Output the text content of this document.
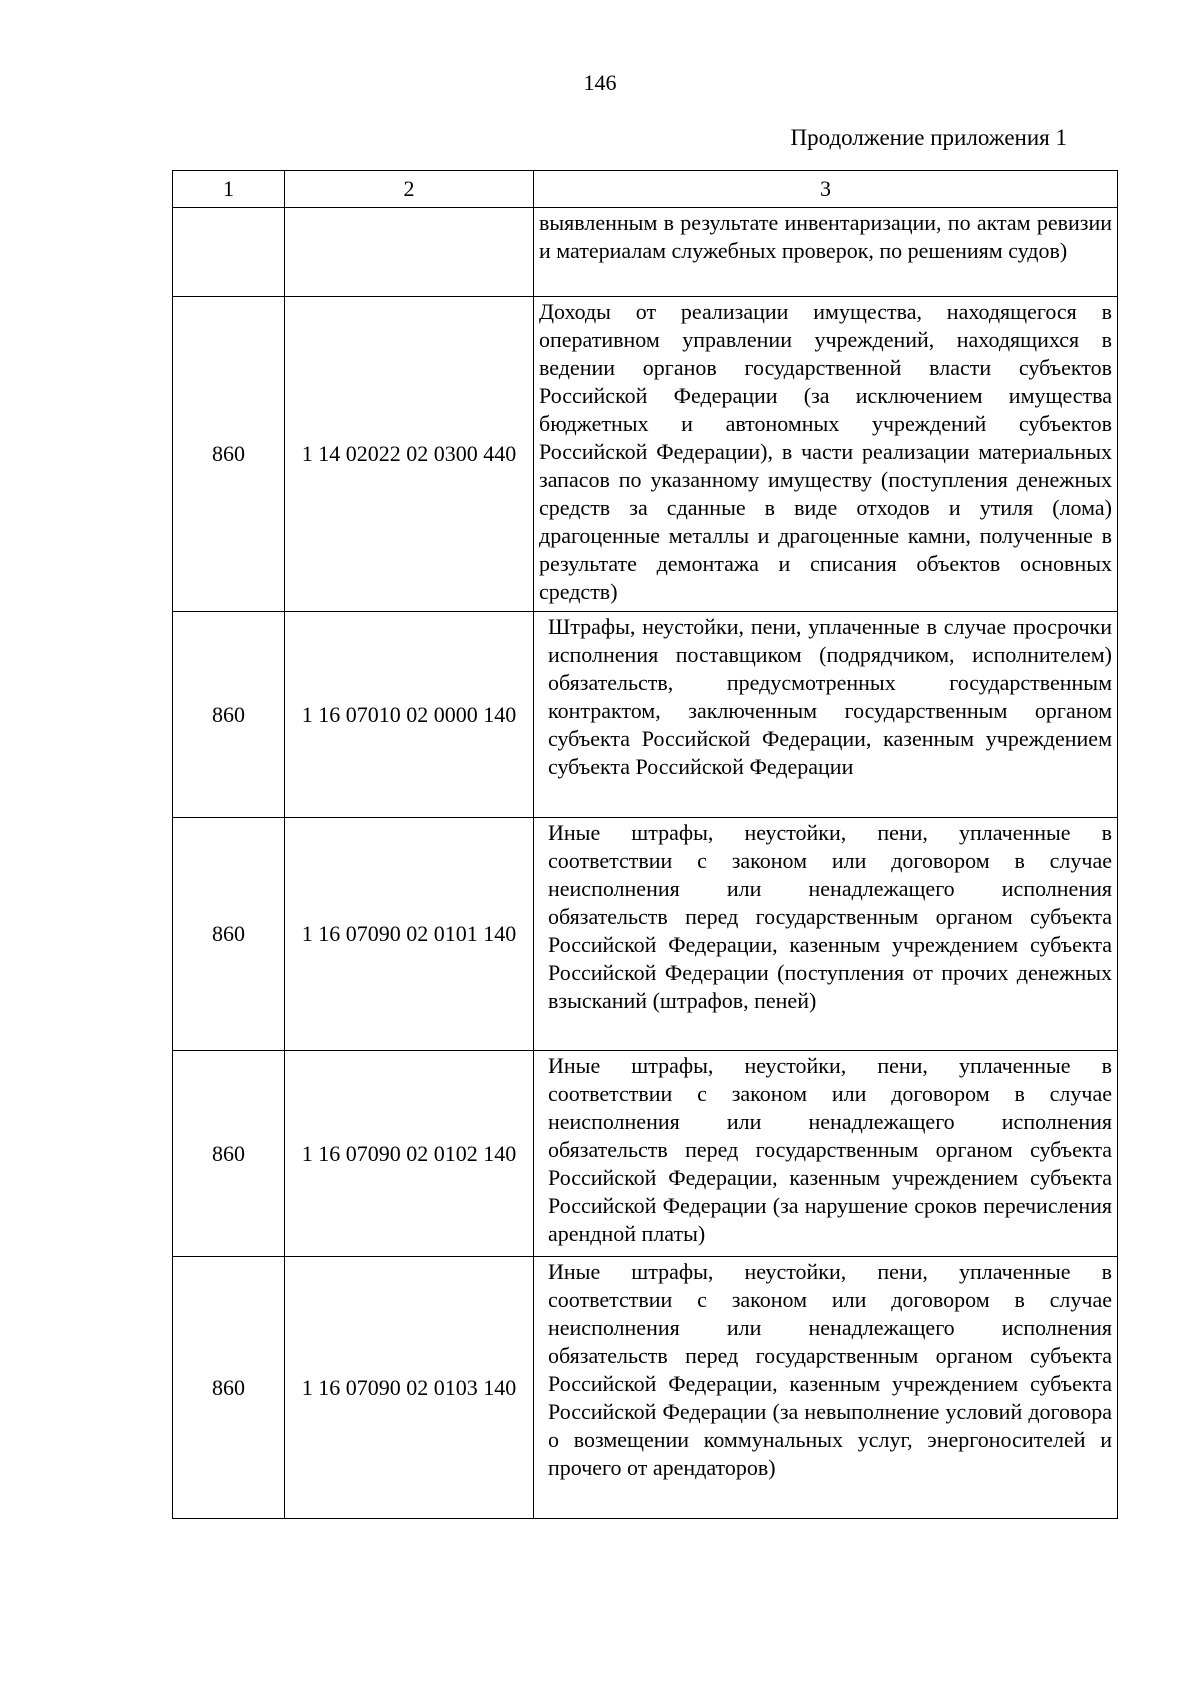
146
Продолжение приложения 1
1	2	3
		выявленным в результате инвентаризации, по актам ревизии и материалам служебных проверок, по решениям судов)
860	1 14 02022 02 0300 440	Доходы от реализации имущества, находящегося в оперативном управлении учреждений, находящихся в ведении органов государственной власти субъектов Российской Федерации (за исключением имущества бюджетных и автономных учреждений субъектов Российской Федерации), в части реализации материальных запасов по указанному имуществу (поступления денежных средств за сданные в виде отходов и утиля (лома) драгоценные металлы и драгоценные камни, полученные в результате демонтажа и списания объектов основных средств)
860	1 16 07010 02 0000 140	Штрафы, неустойки, пени, уплаченные в случае просрочки исполнения поставщиком (подрядчиком, исполнителем) обязательств, предусмотренных государственным контрактом, заключенным государственным органом субъекта Российской Федерации, казенным учреждением субъекта Российской Федерации
860	1 16 07090 02 0101 140	Иные штрафы, неустойки, пени, уплаченные в соответствии с законом или договором в случае неисполнения или ненадлежащего исполнения обязательств перед государственным органом субъекта Российской Федерации, казенным учреждением субъекта Российской Федерации (поступления от прочих денежных взысканий (штрафов, пеней)
860	1 16 07090 02 0102 140	Иные штрафы, неустойки, пени, уплаченные в соответствии с законом или договором в случае неисполнения или ненадлежащего исполнения обязательств перед государственным органом субъекта Российской Федерации, казенным учреждением субъекта Российской Федерации (за нарушение сроков перечисления арендной платы)
860	1 16 07090 02 0103 140	Иные штрафы, неустойки, пени, уплаченные в соответствии с законом или договором в случае неисполнения или ненадлежащего исполнения обязательств перед государственным органом субъекта Российской Федерации, казенным учреждением субъекта Российской Федерации (за невыполнение условий договора о возмещении коммунальных услуг, энергоносителей и прочего от арендаторов)
